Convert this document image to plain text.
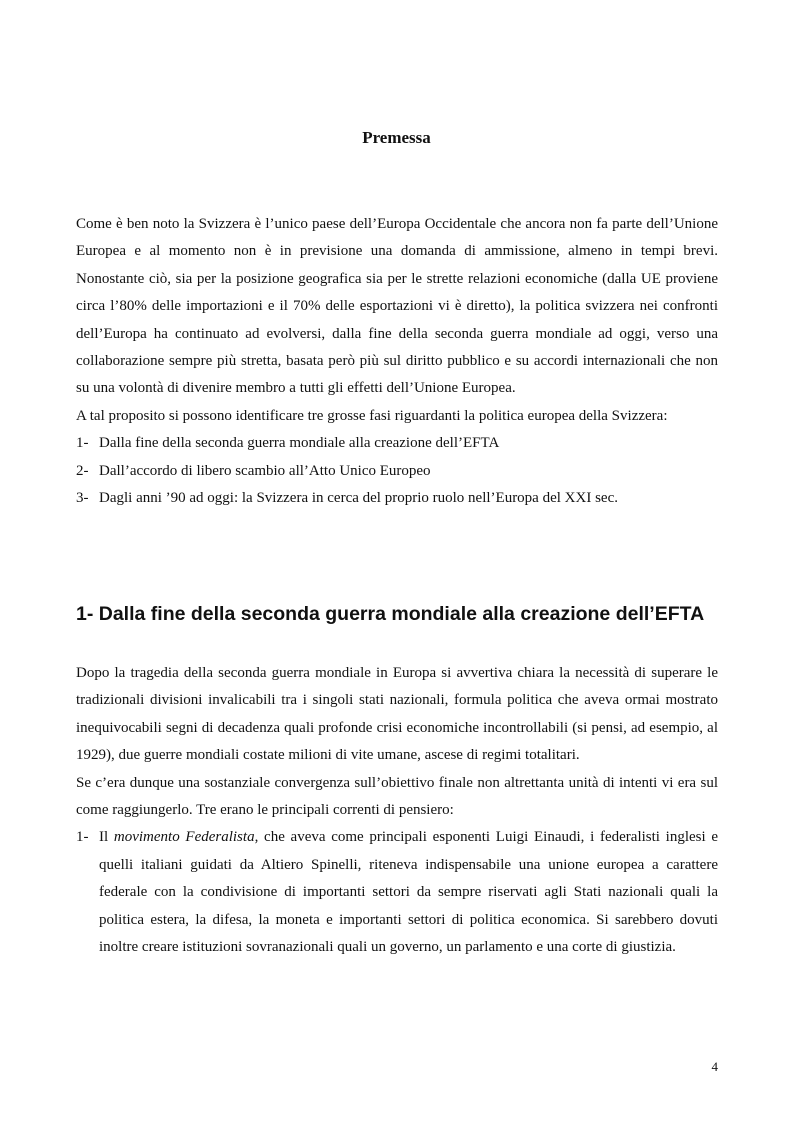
Premessa

Come è ben noto la Svizzera è l’unico paese dell’Europa Occidentale che ancora non fa parte dell’Unione Europea e al momento non è in previsione una domanda di ammissione, almeno in tempi brevi. Nonostante ciò, sia per la posizione geografica sia per le strette relazioni economiche (dalla UE proviene circa l’80% delle importazioni e il 70% delle esportazioni vi è diretto), la politica svizzera nei confronti dell’Europa ha continuato ad evolversi, dalla fine della seconda guerra mondiale ad oggi, verso una collaborazione sempre più stretta, basata però più sul diritto pubblico e su accordi internazionali che non su una volontà di divenire membro a tutti gli effetti dell’Unione Europea.

A tal proposito si possono identificare tre grosse fasi riguardanti la politica europea della Svizzera:

1- Dalla fine della seconda guerra mondiale alla creazione dell’EFTA
2- Dall’accordo di libero scambio all’Atto Unico Europeo
3- Dagli anni ’90 ad oggi: la Svizzera in cerca del proprio ruolo nell’Europa del XXI sec.
1- Dalla fine della seconda guerra mondiale alla creazione dell’EFTA

Dopo la tragedia della seconda guerra mondiale in Europa si avvertiva chiara la necessità di superare le tradizionali divisioni invalicabili tra i singoli stati nazionali, formula politica che aveva ormai mostrato inequivocabili segni di decadenza quali profonde crisi economiche incontrollabili (si pensi, ad esempio, al 1929), due guerre mondiali costate milioni di vite umane, ascese di regimi totalitari.

Se c’era dunque una sostanziale convergenza sull’obiettivo finale non altrettanta unità di intenti vi era sul come raggiungerlo. Tre erano le principali correnti di pensiero:

1- Il movimento Federalista, che aveva come principali esponenti Luigi Einaudi, i federalisti inglesi e quelli italiani guidati da Altiero Spinelli, riteneva indispensabile una unione europea a carattere federale con la condivisione di importanti settori da sempre riservati agli Stati nazionali quali la politica estera, la difesa, la moneta e importanti settori di politica economica. Si sarebbero dovuti inoltre creare istituzioni sovranazionali quali un governo, un parlamento e una corte di giustizia.
4
